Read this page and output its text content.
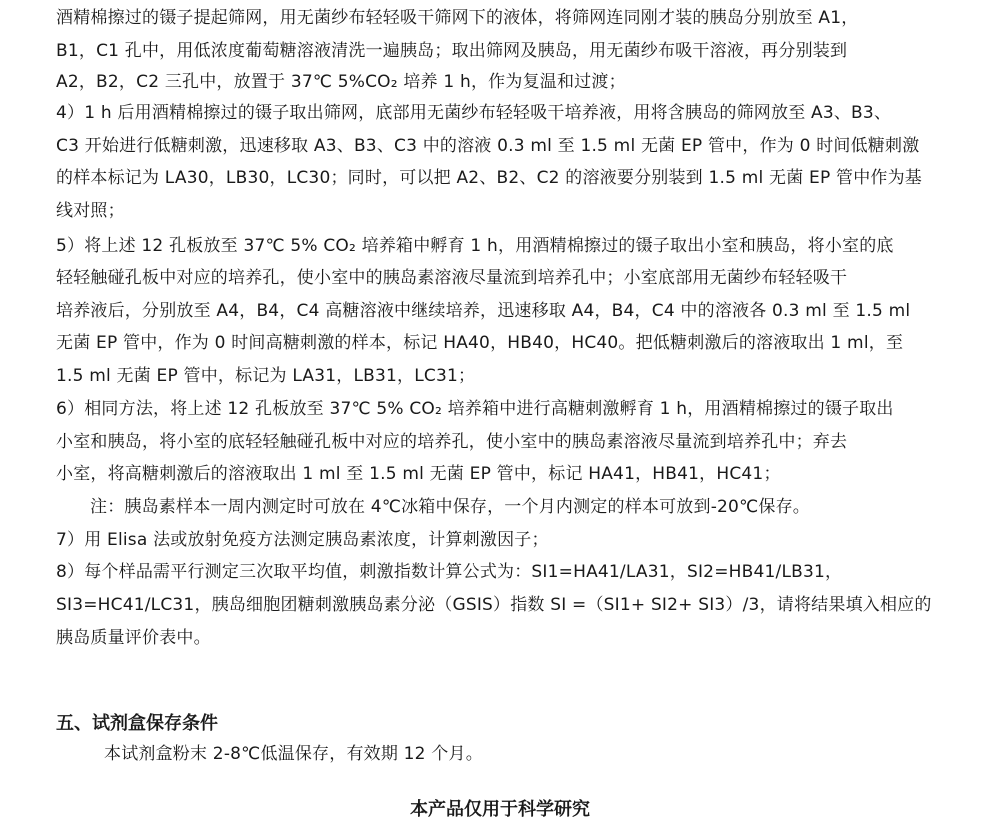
酒精棉擦过的镊子提起筛网，用无菌纱布轻轻吸干筛网下的液体，将筛网连同刚才装的胰岛分别放至 A1，
B1，C1 孔中，用低浓度葡萄糖溶液清洗一遍胰岛；取出筛网及胰岛，用无菌纱布吸干溶液，再分别装到
A2，B2，C2 三孔中，放置于 37℃ 5%CO₂ 培养 1 h，作为复温和过渡；
4）1 h 后用酒精棉擦过的镊子取出筛网，底部用无菌纱布轻轻吸干培养液，用将含胰岛的筛网放至 A3、B3、
C3 开始进行低糖刺激，迅速移取 A3、B3、C3 中的溶液 0.3 ml 至 1.5 ml 无菌 EP 管中，作为 0 时间低糖刺激
的样本标记为 LA30，LB30，LC30；同时，可以把 A2、B2、C2 的溶液要分别装到 1.5 ml 无菌 EP 管中作为基
线对照；
5）将上述 12 孔板放至 37℃ 5% CO₂ 培养箱中孵育 1 h，用酒精棉擦过的镊子取出小室和胰岛，将小室的底
轻轻触碰孔板中对应的培养孔，使小室中的胰岛素溶液尽量流到培养孔中；小室底部用无菌纱布轻轻吸干
培养液后，分别放至 A4，B4，C4 高糖溶液中继续培养，迅速移取 A4，B4，C4 中的溶液各 0.3 ml 至 1.5 ml
无菌 EP 管中，作为 0 时间高糖刺激的样本，标记 HA40，HB40，HC40。把低糖刺激后的溶液取出 1 ml，至
1.5 ml 无菌 EP 管中，标记为 LA31，LB31，LC31；
6）相同方法，将上述 12 孔板放至 37℃ 5% CO₂ 培养箱中进行高糖刺激孵育 1 h，用酒精棉擦过的镊子取出
小室和胰岛，将小室的底轻轻触碰孔板中对应的培养孔，使小室中的胰岛素溶液尽量流到培养孔中；弃去
小室，将高糖刺激后的溶液取出 1 ml 至 1.5 ml 无菌 EP 管中，标记 HA41，HB41，HC41；
注：胰岛素样本一周内测定时可放在 4℃冰箱中保存，一个月内测定的样本可放到-20℃保存。
7）用 Elisa 法或放射免疫方法测定胰岛素浓度，计算刺激因子；
8）每个样品需平行测定三次取平均值，刺激指数计算公式为：SI1=HA41/LA31，SI2=HB41/LB31，
SI3=HC41/LC31，胰岛细胞团糖刺激胰岛素分泌（GSIS）指数 SI =（SI1+ SI2+ SI3）/3，请将结果填入相应的
胰岛质量评价表中。
五、试剂盒保存条件
本试剂盒粉末 2-8℃低温保存，有效期 12 个月。
本产品仅用于科学研究
